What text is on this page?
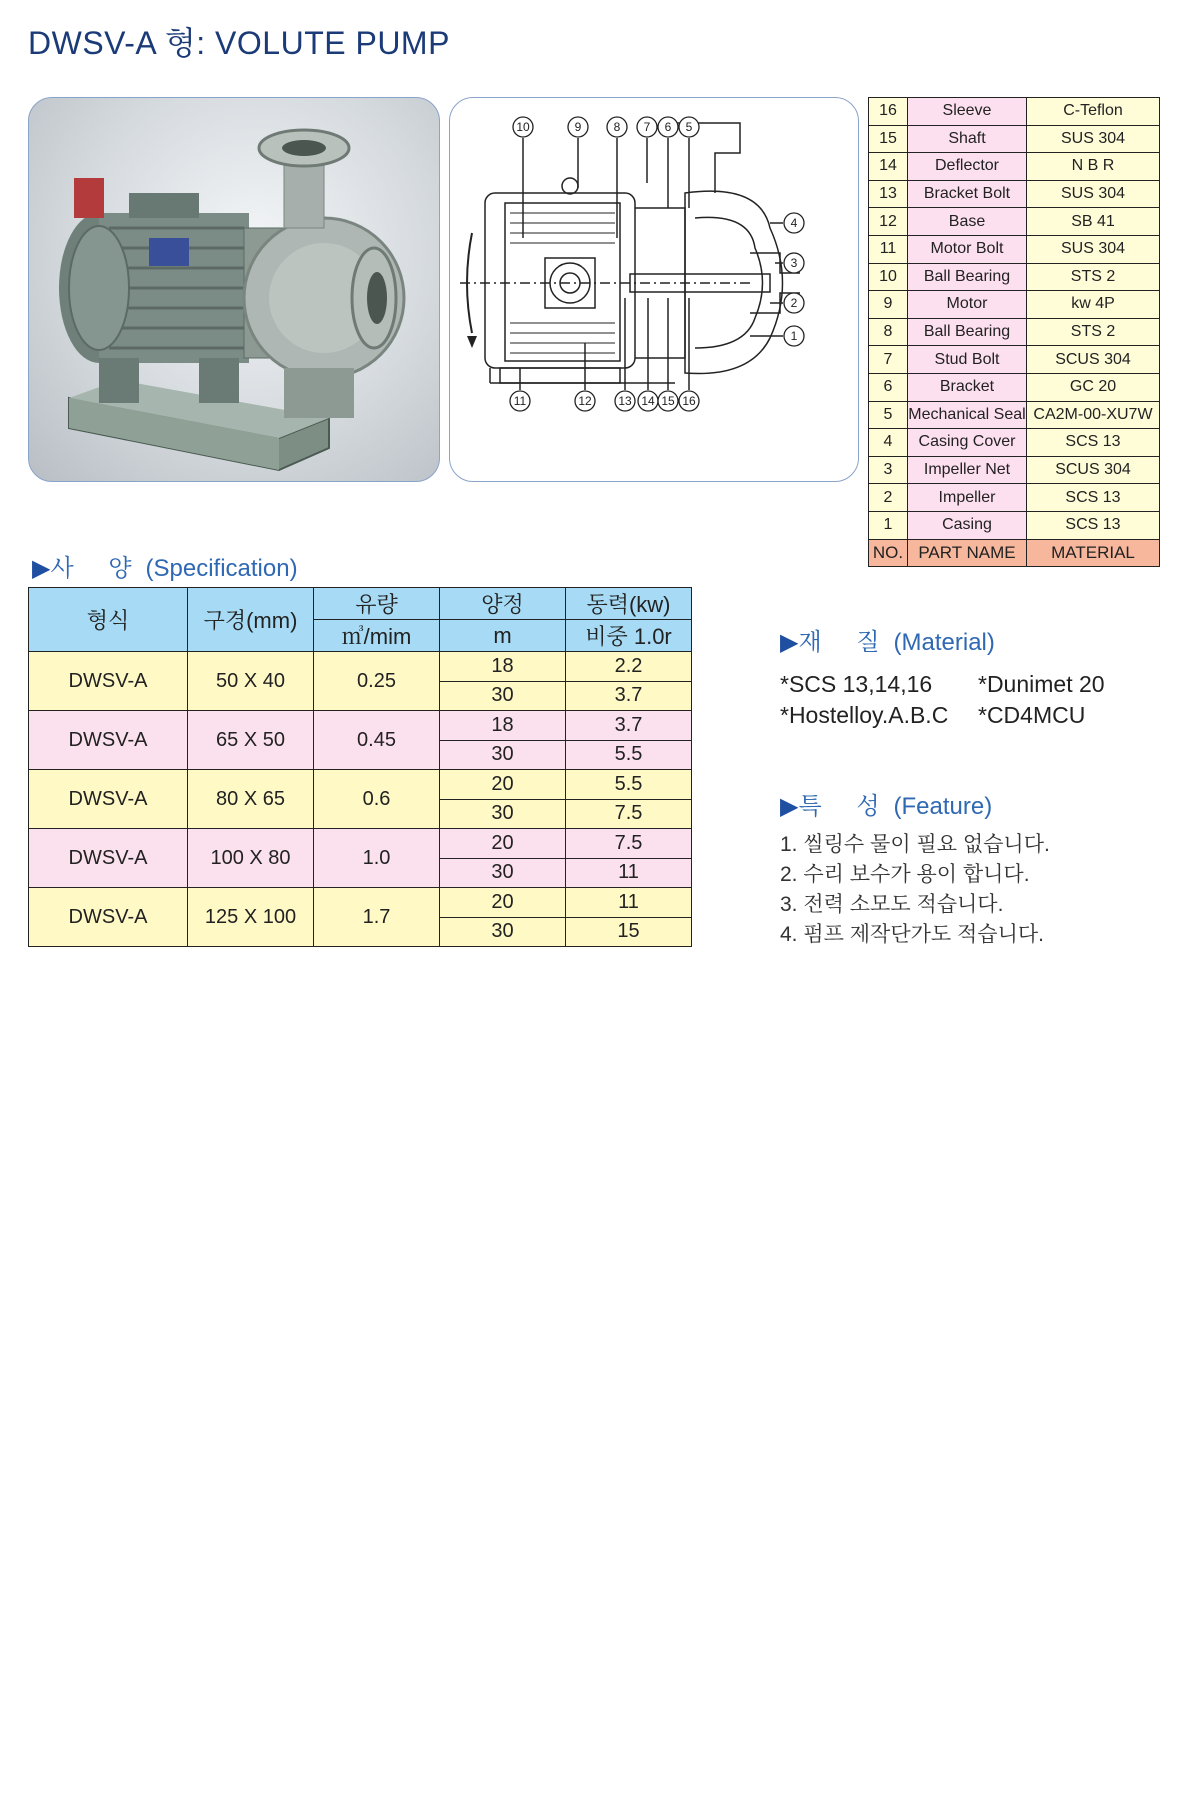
DWSV-A 형: VOLUTE PUMP
10	9	8 7 6 5
4
3
2
1
11	12 13 14 15 16
16	Sleeve	C-Teflon
15	Shaft	SUS 304
14	Deflector	N B R
13	Bracket Bolt	SUS 304
12	Base	SB 41
11	Motor Bolt	SUS 304
10	Ball Bearing	STS 2
9	Motor	kw 4P
8	Ball Bearing	STS 2
7	Stud Bolt	SCUS 304
6	Bracket	GC 20
5	Mechanical Seal	CA2M-00-XU7W
4	Casing Cover	SCS 13
3	Impeller Net	SCUS 304
2	Impeller	SCS 13
1	Casing	SCS 13
NO.	PART NAME	MATERIAL
▶사 양(Specification)
형식	구경(mm)	유량	양정	동력(kw)
		㎥/mim	m	비중 1.0r
DWSV-A	50 X 40	0.25	18	2.2
			30	3.7
DWSV-A	65 X 50	0.45	18	3.7
			30	5.5
DWSV-A	80 X 65	0.6	20	5.5
			30	7.5
DWSV-A	100 X 80	1.0	20	7.5
			30	11
DWSV-A	125 X 100	1.7	20	11
			30	15
▶재 질(Material)
*SCS 13,14,16 *Dunimet 20
*Hostelloy.A.B.C *CD4MCU
▶특 성(Feature)
1. 씰링수 물이 필요 없습니다.
2. 수리 보수가 용이 합니다.
3. 전력 소모도 적습니다.
4. 펌프 제작단가도 적습니다.
